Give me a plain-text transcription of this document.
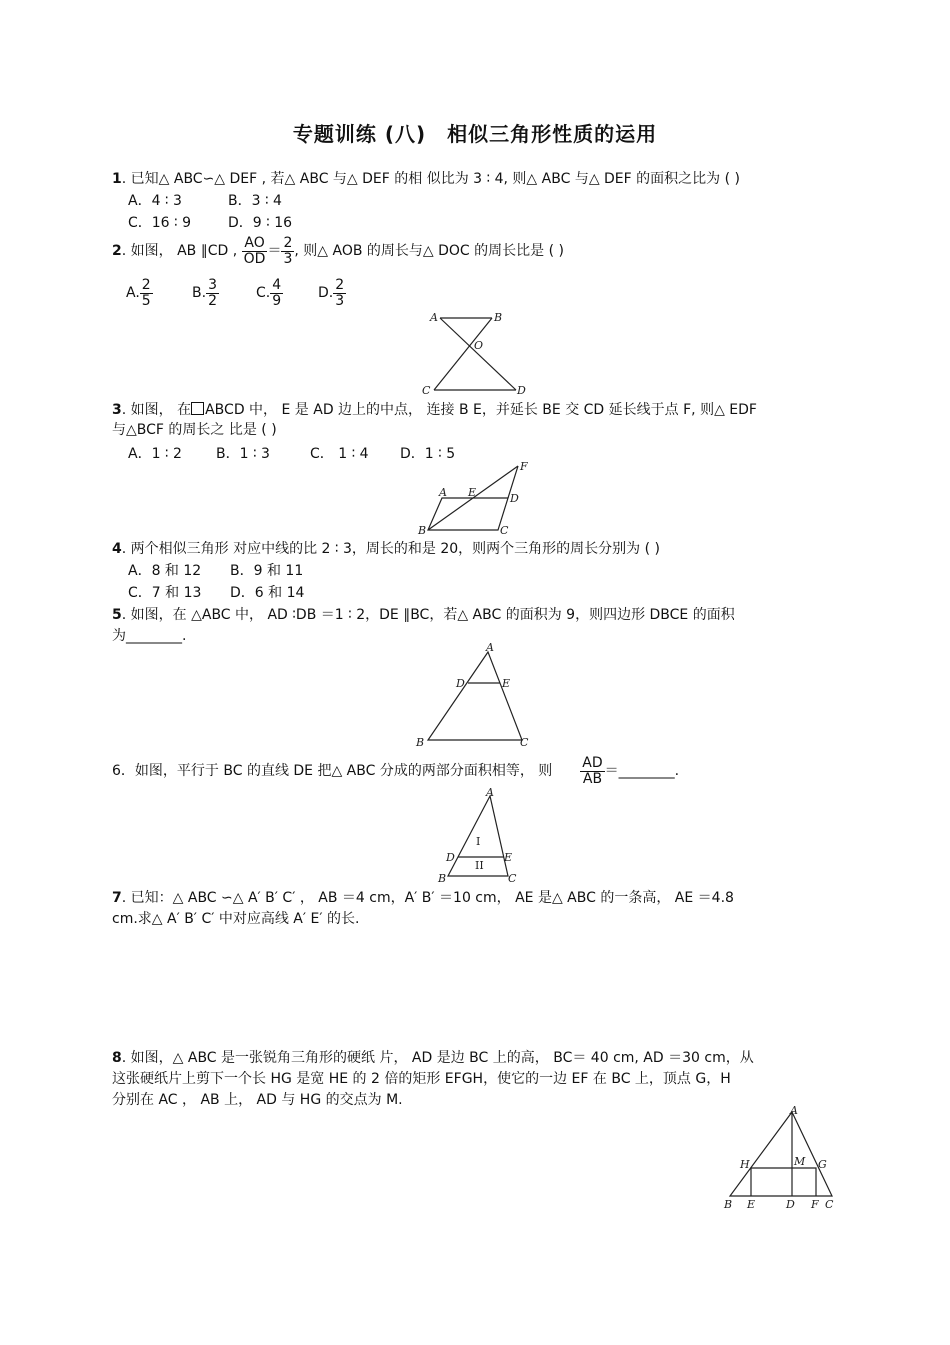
专题训练 (八)　相似三角形性质的运用
1. 已知△ ABC∽△ DEF , 若△ ABC 与△ DEF 的相 似比为 3 ∶ 4, 则△ ABC 与△ DEF 的面积之比为 ( )
A．4 ∶ 3	B．3 ∶ 4
C．16 ∶ 9	D．9 ∶ 16
2. 如图， AB ∥CD , $\frac{AO}{OD} = \frac{2}{3}$ , 则△ AOB 的周长与△ DOC 的周长比是 ( )
A. $\frac{2}{5}$	B. $\frac{3}{2}$	C. $\frac{4}{9} D$. $\frac{2}{3}$
A	B
O
C	D
3. 如图， 在 ABCD 中， E 是 AD 边上的中点， 连接 B E，并延长 BE 交 CD 延长线于点 F, 则△ EDF
与△BCF 的周长之 比是 ( )
A．1 ∶ 2 B．1 ∶ 3	C． 1 ∶ 4 D．1 ∶ 5
A E
F
D
B	C
4. 两个相似三角形 对应中线的比 2 ∶ 3，周长的和是 20，则两个三角形的周长分别为 ( )
A．8 和 12 B．9 和 11
C．7 和 13 D．6 和 14
5. 如图，在 △ABC 中， AD ∶DB ＝1 ∶ 2，DE ∥BC，若△ ABC 的面积为 9，则四边形 DBCE 的面积
为________.
A
D	E
B	C
6．如图，平行于 BC 的直线 DE 把△ ABC 分成的两部分面积相等， 则　　 $\frac{AD}{AB}$ ＝________.
A
D	E
B	C
I
II
7. 已知：△ ABC ∽△ A′ B′ C′ ， AB ＝4 cm，A′ B′ ＝10 cm， AE 是△ ABC 的一条高， AE ＝4.8
cm.求△ A′ B′ C′ 中对应高线 A′ E′ 的长.
8. 如图，△ ABC 是一张锐角三角形的硬纸 片， AD 是边 BC 上的高， BC＝ 40 cm, AD ＝30 cm，从
这张硬纸片上剪下一个长 HG 是宽 HE 的 2 倍的矩形 EFGH，使它的一边 EF 在 BC 上，顶点 G，H
分别在 AC ， AB 上， AD 与 HG 的交点为 M.
A
H	M G
B E	D F C
